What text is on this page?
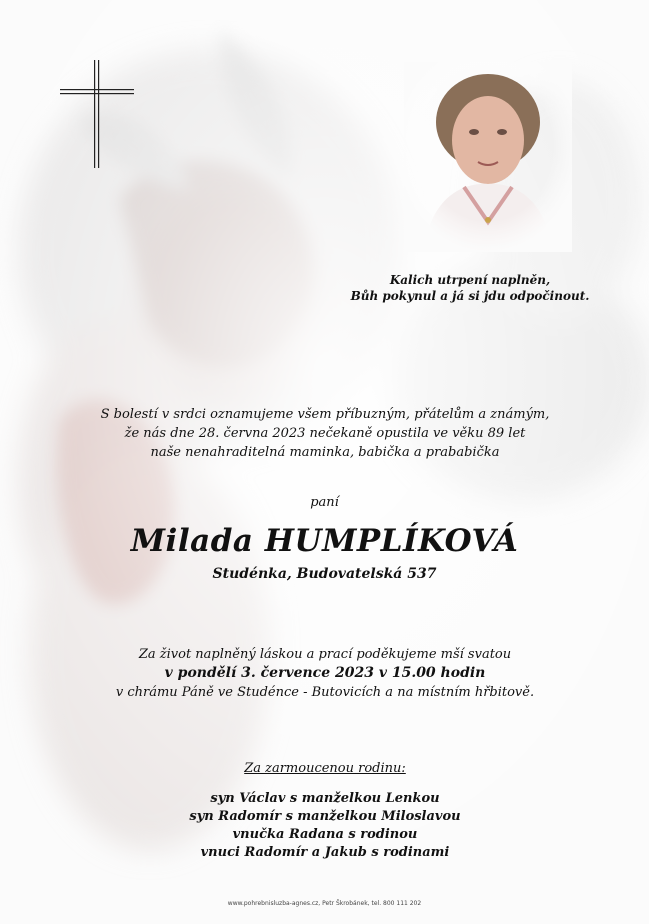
Kalich utrpení naplněn,
Bůh pokynul a já si jdu odpočinout.
S bolestí v srdci oznamujeme všem příbuzným, přátelům a známým,
že nás dne 28. června 2023 nečekaně opustila ve věku 89 let
naše nenahraditelná maminka, babička a prababička
paní
Milada HUMPLÍKOVÁ
Studénka, Budovatelská 537
Za život naplněný láskou a prací poděkujeme mší svatou
v pondělí 3. července 2023 v 15.00 hodin
v chrámu Páně ve Studénce - Butovicích a na místním hřbitově.
Za zarmoucenou rodinu:
syn Václav s manželkou Lenkou
syn Radomír s manželkou Miloslavou
vnučka Radana s rodinou
vnuci Radomír a Jakub s rodinami
www.pohrebnisluzba-agnes.cz, Petr Škrobánek, tel. 800 111 202
